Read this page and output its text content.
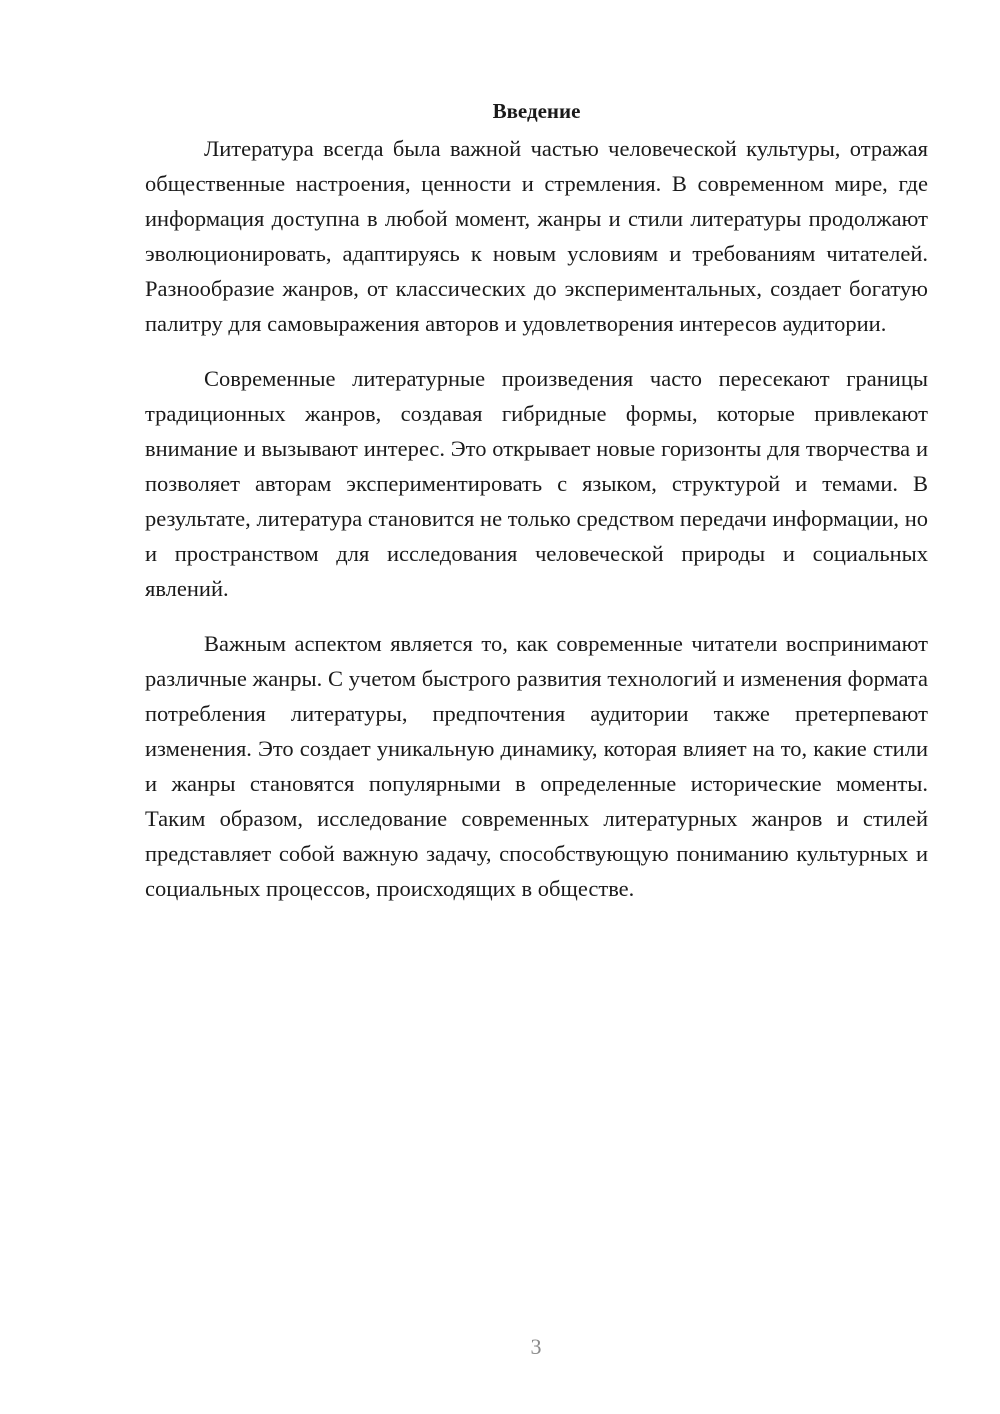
Введение

Литература всегда была важной частью человеческой культуры, отражая общественные настроения, ценности и стремления. В современном мире, где информация доступна в любой момент, жанры и стили литературы продолжают эволюционировать, адаптируясь к новым условиям и требованиям читателей. Разнообразие жанров, от классических до экспериментальных, создает богатую палитру для самовыражения авторов и удовлетворения интересов аудитории.

Современные литературные произведения часто пересекают границы традиционных жанров, создавая гибридные формы, которые привлекают внимание и вызывают интерес. Это открывает новые горизонты для творчества и позволяет авторам экспериментировать с языком, структурой и темами. В результате, литература становится не только средством передачи информации, но и пространством для исследования человеческой природы и социальных явлений.

Важным аспектом является то, как современные читатели воспринимают различные жанры. С учетом быстрого развития технологий и изменения формата потребления литературы, предпочтения аудитории также претерпевают изменения. Это создает уникальную динамику, которая влияет на то, какие стили и жанры становятся популярными в определенные исторические моменты. Таким образом, исследование современных литературных жанров и стилей представляет собой важную задачу, способствующую пониманию культурных и социальных процессов, происходящих в обществе.

3
